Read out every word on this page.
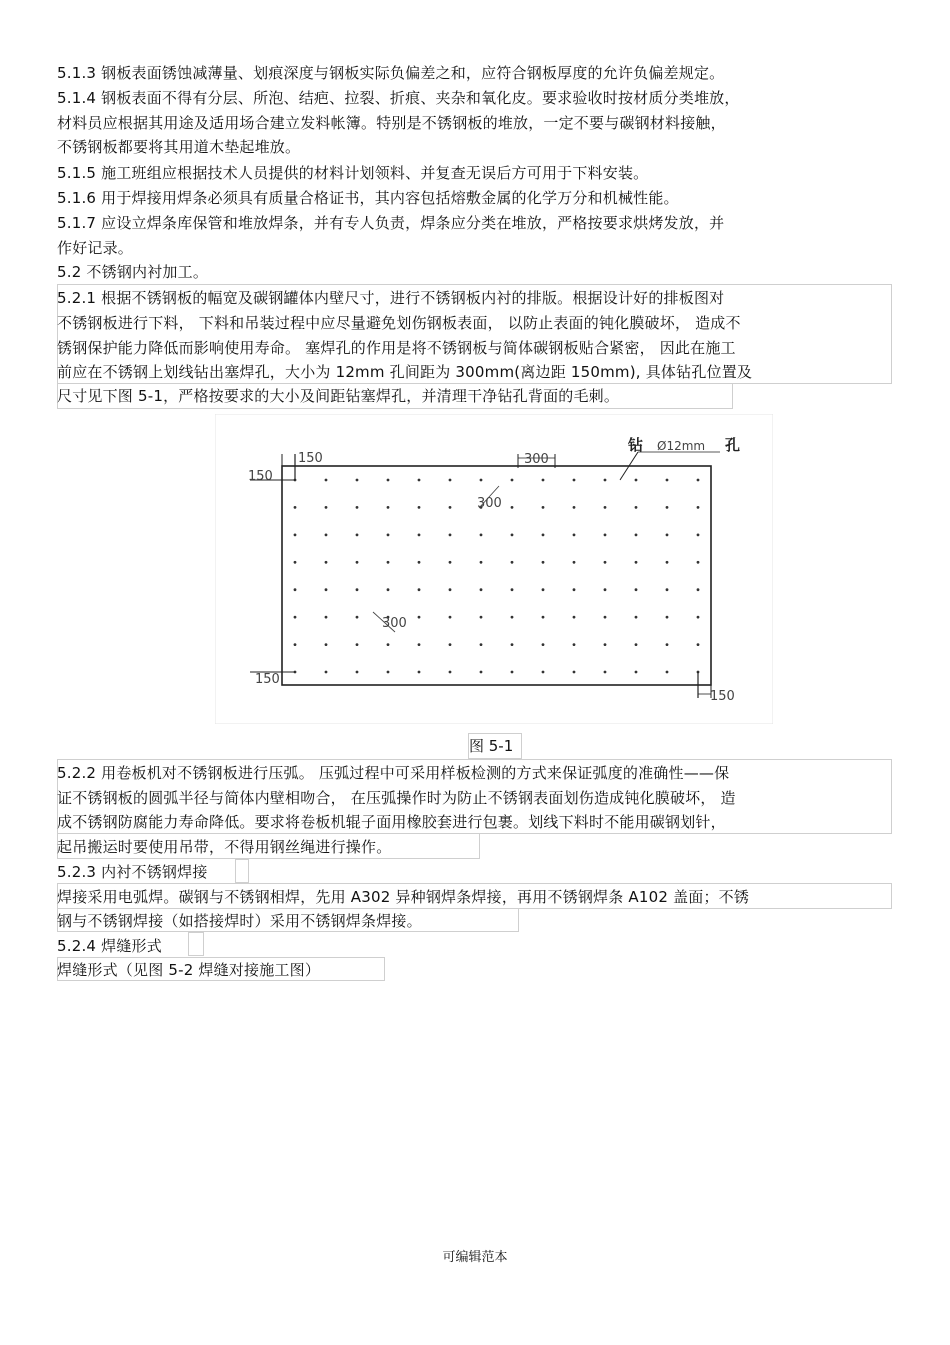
5.1.3 钢板表面锈蚀减薄量、划痕深度与钢板实际负偏差之和，应符合钢板厚度的允许负偏差规定。
5.1.4 钢板表面不得有分层、所泡、结疤、拉裂、折痕、夹杂和氧化皮。要求验收时按材质分类堆放，
材料员应根据其用途及适用场合建立发料帐簿。特别是不锈钢板的堆放，一定不要与碳钢材料接触，
不锈钢板都要将其用道木垫起堆放。
5.1.5 施工班组应根据技术人员提供的材料计划领料、并复查无误后方可用于下料安装。
5.1.6 用于焊接用焊条必须具有质量合格证书，其内容包括熔敷金属的化学万分和机械性能。
5.1.7 应设立焊条库保管和堆放焊条，并有专人负责，焊条应分类在堆放，严格按要求烘烤发放，并
作好记录。
5.2 不锈钢内衬加工。
5.2.1 根据不锈钢板的幅宽及碳钢罐体内壁尺寸，进行不锈钢板内衬的排版。根据设计好的排板图对
不锈钢板进行下料， 下料和吊装过程中应尽量避免划伤钢板表面， 以防止表面的钝化膜破坏， 造成不
锈钢保护能力降低而影响使用寿命。 塞焊孔的作用是将不锈钢板与简体碳钢板贴合紧密， 因此在施工
前应在不锈钢上划线钻出塞焊孔，大小为 12mm 孔间距为 300mm(离边距 150mm), 具体钻孔位置及
尺寸见下图 5-1，严格按要求的大小及间距钻塞焊孔，并清理干净钻孔背面的毛刺。
150
150
300
钻 Ø12mm 孔
300
300
150
150
图 5-1
5.2.2 用卷板机对不锈钢板进行压弧。 压弧过程中可采用样板检测的方式来保证弧度的准确性——保
证不锈钢板的圆弧半径与简体内壁相吻合， 在压弧操作时为防止不锈钢表面划伤造成钝化膜破坏， 造
成不锈钢防腐能力寿命降低。要求将卷板机辊子面用橡胶套进行包裹。划线下料时不能用碳钢划针，
起吊搬运时要使用吊带，不得用钢丝绳进行操作。
5.2.3 内衬不锈钢焊接
焊接采用电弧焊。碳钢与不锈钢相焊，先用 A302 异种钢焊条焊接，再用不锈钢焊条 A102 盖面；不锈
钢与不锈钢焊接（如搭接焊时）采用不锈钢焊条焊接。
5.2.4 焊缝形式
焊缝形式（见图 5-2 焊缝对接施工图）
可编辑范本
